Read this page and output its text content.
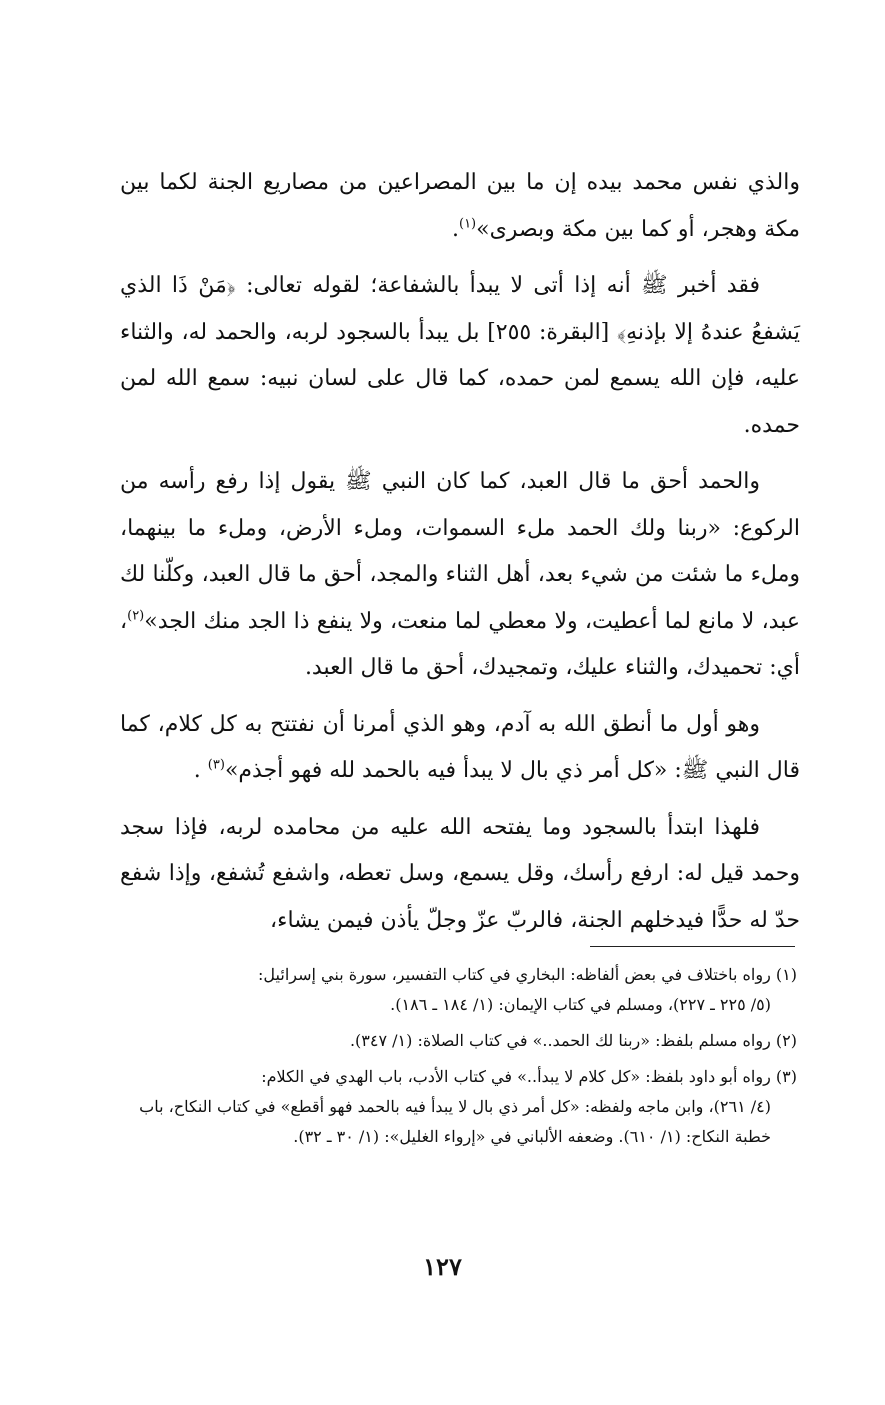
والذي نفس محمد بيده إن ما بين المصراعين من مصاريع الجنة لكما بين مكة وهجر، أو كما بين مكة وبصرى»$^{(١)}$.

فقد أخبر ﷺ أنه إذا أتى لا يبدأ بالشفاعة؛ لقوله تعالى: ﴿مَنْ ذَا الذي يَشفعُ عندهُ إلا بإذنهِ﴾ [البقرة: ٢٥٥] بل يبدأ بالسجود لربه، والحمد له، والثناء عليه، فإن الله يسمع لمن حمده، كما قال على لسان نبيه: سمع الله لمن حمده.

والحمد أحق ما قال العبد، كما كان النبي ﷺ يقول إذا رفع رأسه من الركوع: «ربنا ولك الحمد ملء السموات، وملء الأرض، وملء ما بينهما، وملء ما شئت من شيء بعد، أهل الثناء والمجد، أحق ما قال العبد، وكلّنا لك عبد، لا مانع لما أعطيت، ولا معطي لما منعت، ولا ينفع ذا الجد منك الجد»$^{(٢)}$، أي: تحميدك، والثناء عليك، وتمجيدك، أحق ما قال العبد.

وهو أول ما أنطق الله به آدم، وهو الذي أمرنا أن نفتتح به كل كلام، كما قال النبي ﷺ: «كل أمر ذي بال لا يبدأ فيه بالحمد لله فهو أجذم»$^{(٣)}$ .

فلهذا ابتدأ بالسجود وما يفتحه الله عليه من محامده لربه، فإذا سجد وحمد قيل له: ارفع رأسك، وقل يسمع، وسل تعطه، واشفع تُشفع، وإذا شفع حدّ له حدًّا فيدخلهم الجنة، فالربّ عزّ وجلّ يأذن فيمن يشاء،

(١) رواه باختلاف في بعض ألفاظه: البخاري في كتاب التفسير، سورة بني إسرائيل:
(٥/ ٢٢٥ ـ ٢٢٧)، ومسلم في كتاب الإيمان: (١/ ١٨٤ ـ ١٨٦).
(٢) رواه مسلم بلفظ: «ربنا لك الحمد..» في كتاب الصلاة: (١/ ٣٤٧).
(٣) رواه أبو داود بلفظ: «كل كلام لا يبدأ..» في كتاب الأدب، باب الهدي في الكلام:
(٤/ ٢٦١)، وابن ماجه ولفظه: «كل أمر ذي بال لا يبدأ فيه بالحمد فهو أقطع» في كتاب النكاح، باب خطبة النكاح: (١/ ٦١٠). وضعفه الألباني في «إرواء الغليل»: (١/ ٣٠ ـ ٣٢).
١٢٧
